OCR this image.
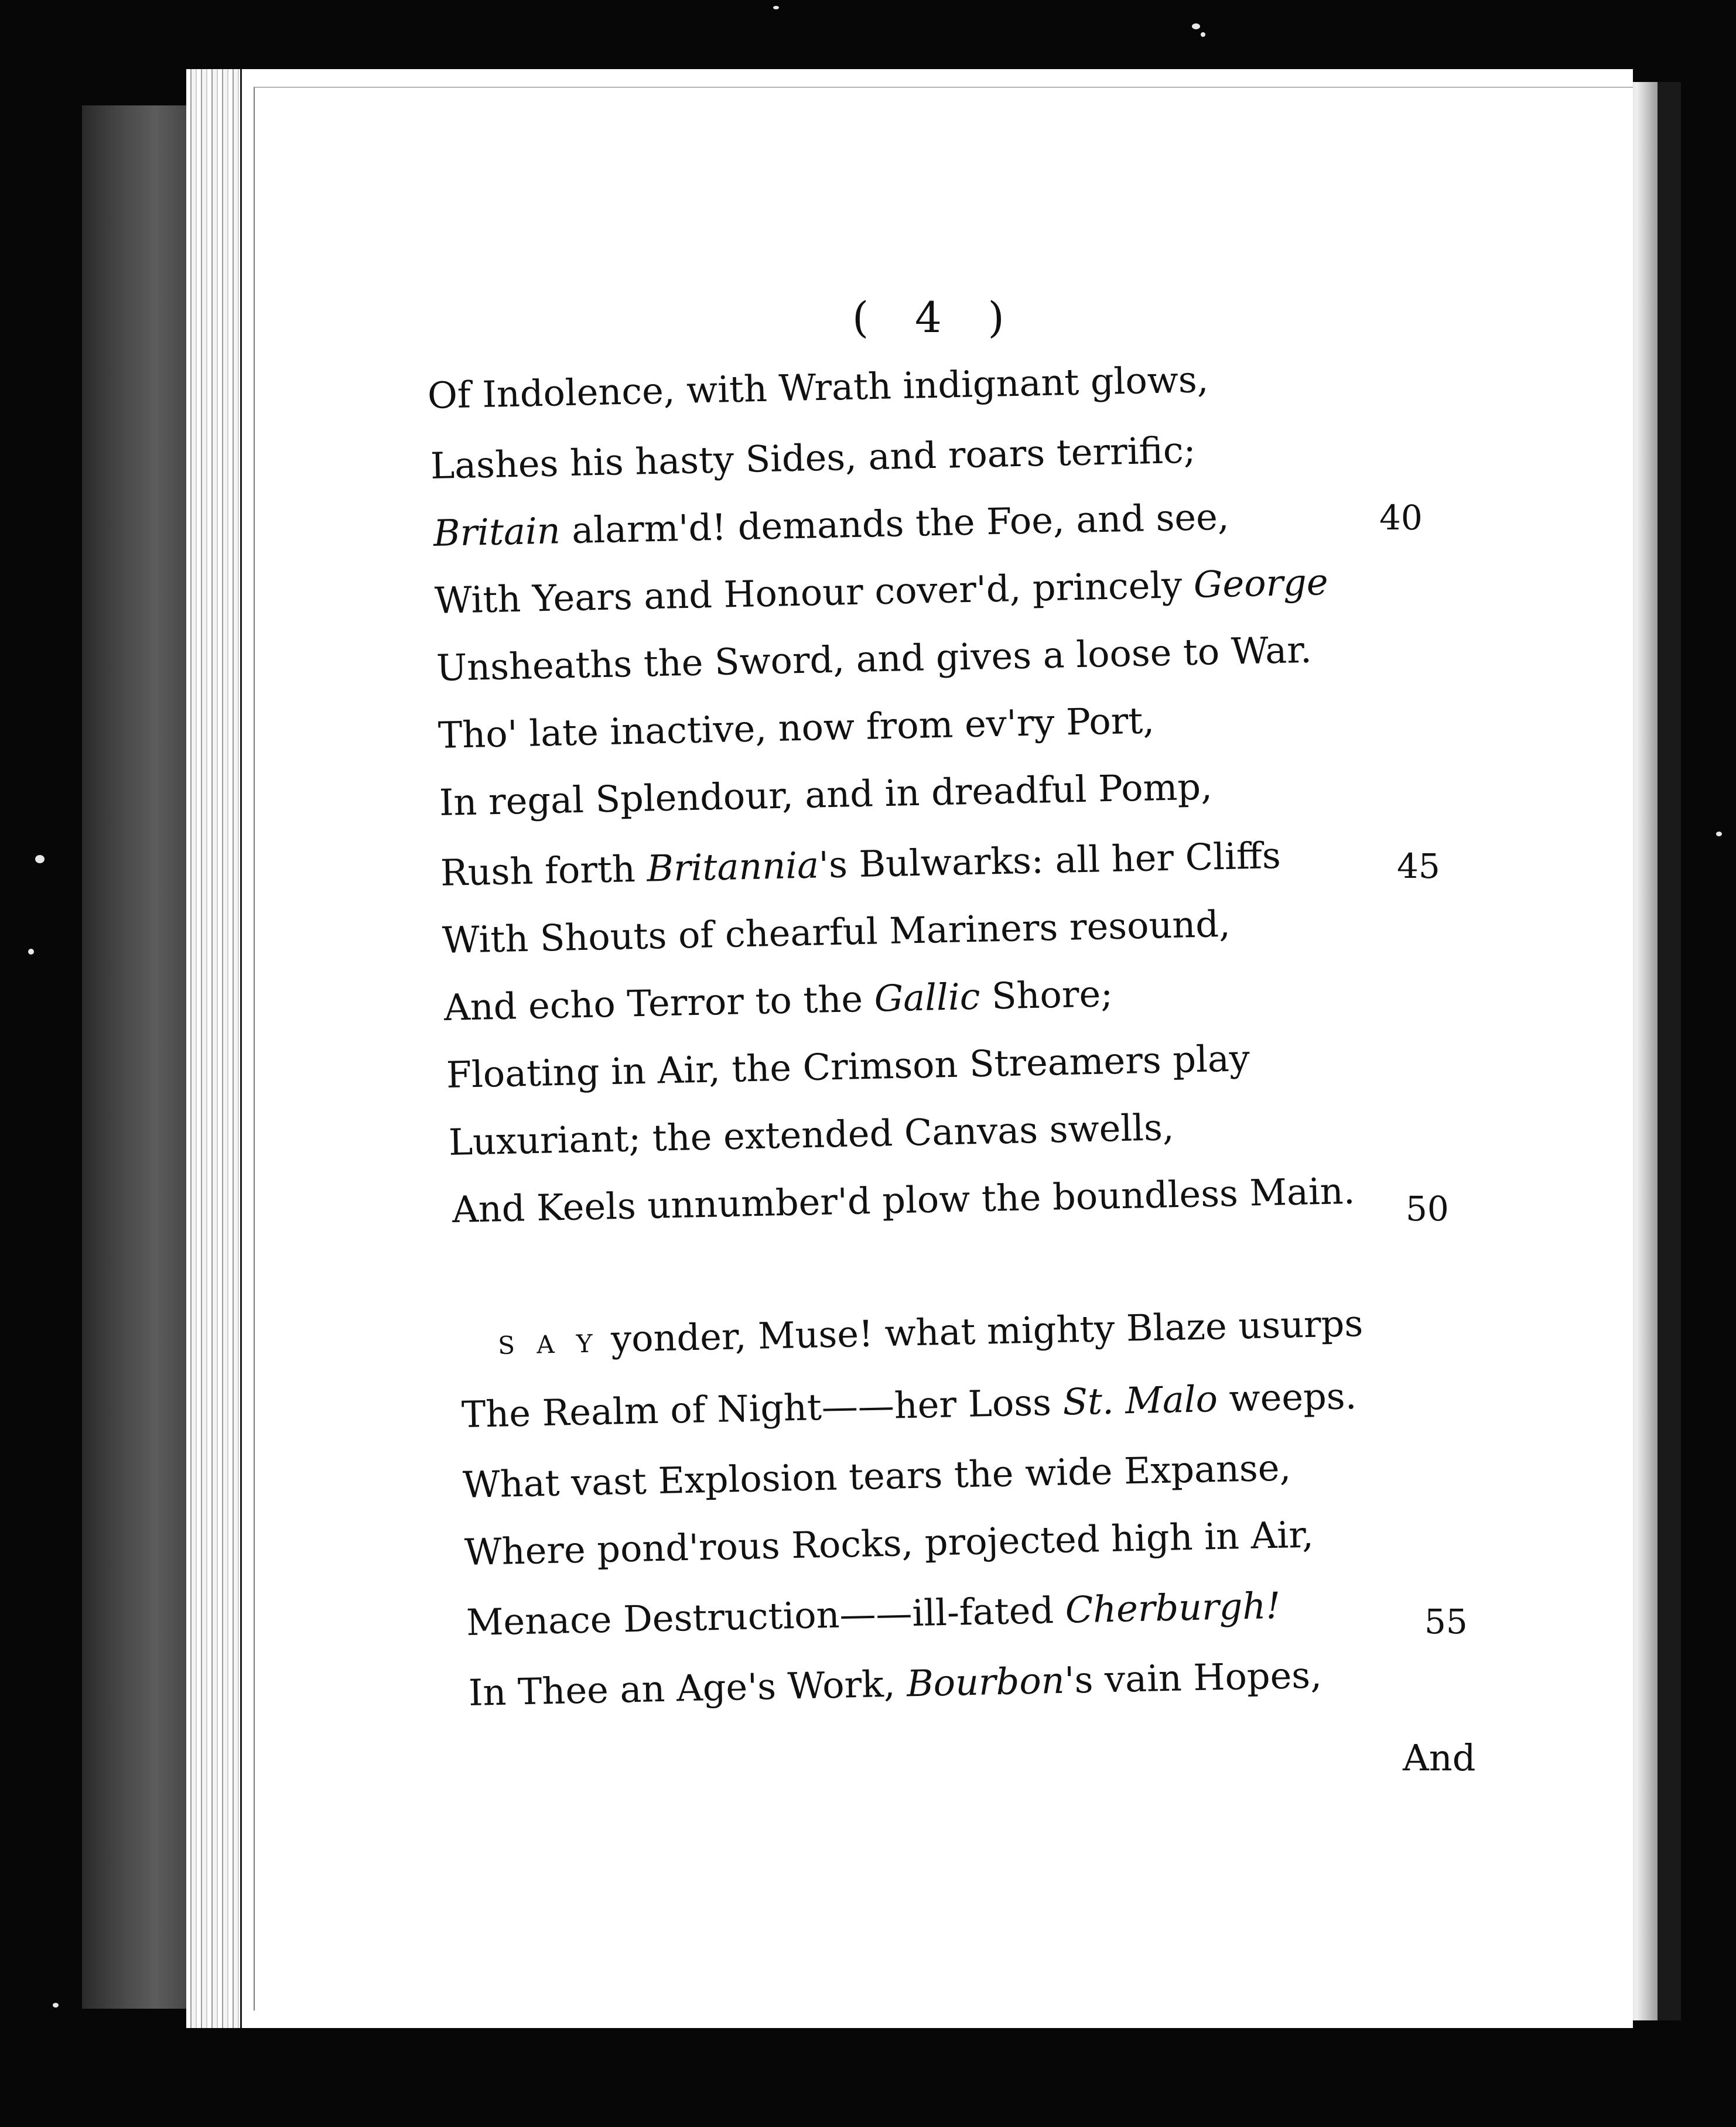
( 4 )
Of Indolence, with Wrath indignant glows,
Lashes his hasty Sides, and roars terrific;
Britain alarm'd! demands the Foe, and see,
With Years and Honour cover'd, princely George
Unsheaths the Sword, and gives a loose to War.
Tho' late inactive, now from ev'ry Port,
In regal Splendour, and in dreadful Pomp,
Rush forth Britannia's Bulwarks: all her Cliffs
With Shouts of chearful Mariners resound,
And echo Terror to the Gallic Shore;
Floating in Air, the Crimson Streamers play
Luxuriant; the extended Canvas swells,
And Keels unnumber'd plow the boundless Main.
S A Y yonder, Muse! what mighty Blaze usurps
The Realm of Night——her Loss St. Malo weeps.
What vast Explosion tears the wide Expanse,
Where pond'rous Rocks, projected high in Air,
Menace Destruction——ill-fated Cherburgh!
In Thee an Age's Work, Bourbon's vain Hopes,
40
45
50
55
And
